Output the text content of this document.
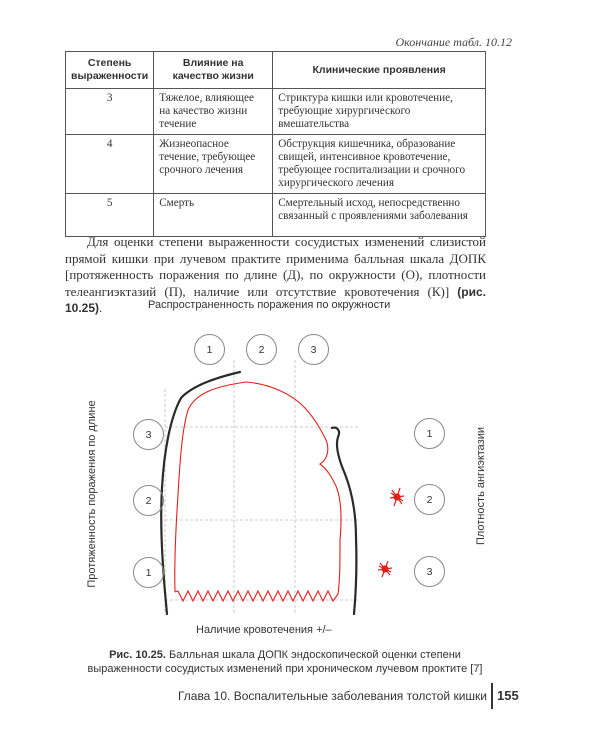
Окончание табл. 10.12
Степень выраженности	Влияние на качество жизни	Клинические проявления
3	Тяжелое, влияющее на качество жизни течение	Стриктура кишки или кровотечение, требующие хирургического вмешательства
4	Жизнеопасное течение, требующее срочного лечения	Обструкция кишечника, образование свищей, интенсивное кровотечение, требующее госпитализации и срочного хирургического лечения
5	Смерть	Смертельный исход, непосредственно связанный с проявлениями заболевания

Для оценки степени выраженности сосудистых изменений слизистой прямой кишки при лучевом практите применима балльная шкала ДОПК [протяженность поражения по длине (Д), по окружности (О), плотности телеангиэктазий (П), наличие или отсутствие кровотечения (К)] (рис. 10.25).	Распространенность поражения по окружности
Протяженность поражения по длине	Плотность ангиэктазии
Наличие кровотечения +/–
1	2	3
3
2
1
1
2
3

Рис. 10.25. Балльная шкала ДОПК эндоскопической оценки степени выраженности сосудистых изменений при хроническом лучевом проктите [7]

Глава 10. Воспалительные заболевания толстой кишки 155
